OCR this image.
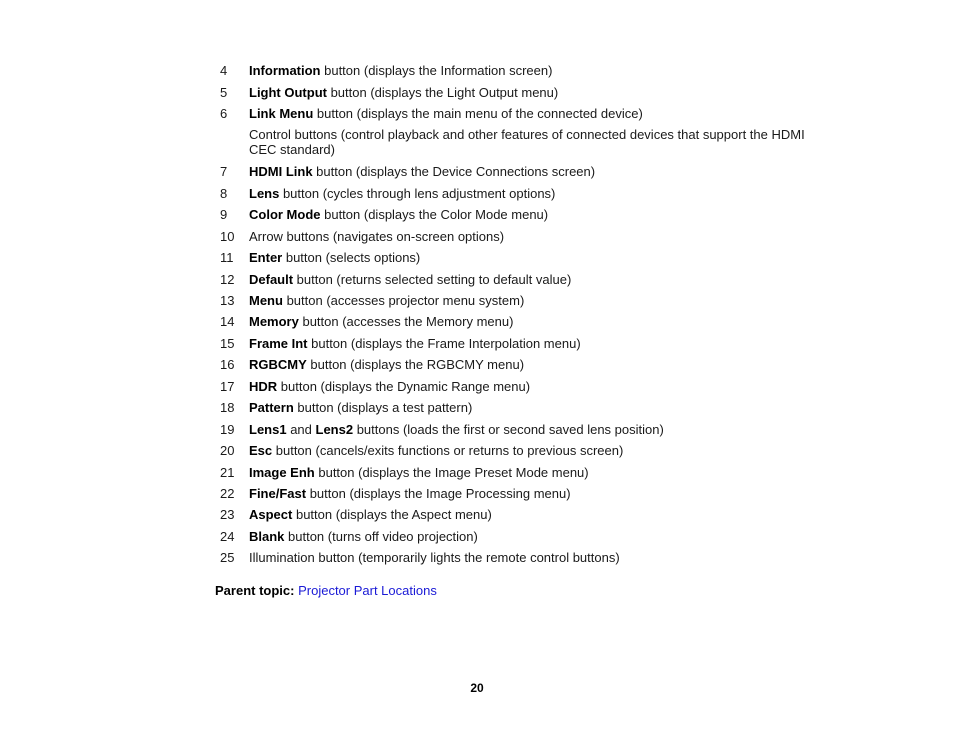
4 Information button (displays the Information screen)
5 Light Output button (displays the Light Output menu)
6 Link Menu button (displays the main menu of the connected device)
Control buttons (control playback and other features of connected devices that support the HDMI CEC standard)
7 HDMI Link button (displays the Device Connections screen)
8 Lens button (cycles through lens adjustment options)
9 Color Mode button (displays the Color Mode menu)
10 Arrow buttons (navigates on-screen options)
11 Enter button (selects options)
12 Default button (returns selected setting to default value)
13 Menu button (accesses projector menu system)
14 Memory button (accesses the Memory menu)
15 Frame Int button (displays the Frame Interpolation menu)
16 RGBCMY button (displays the RGBCMY menu)
17 HDR button (displays the Dynamic Range menu)
18 Pattern button (displays a test pattern)
19 Lens1 and Lens2 buttons (loads the first or second saved lens position)
20 Esc button (cancels/exits functions or returns to previous screen)
21 Image Enh button (displays the Image Preset Mode menu)
22 Fine/Fast button (displays the Image Processing menu)
23 Aspect button (displays the Aspect menu)
24 Blank button (turns off video projection)
25 Illumination button (temporarily lights the remote control buttons)
Parent topic: Projector Part Locations
20
